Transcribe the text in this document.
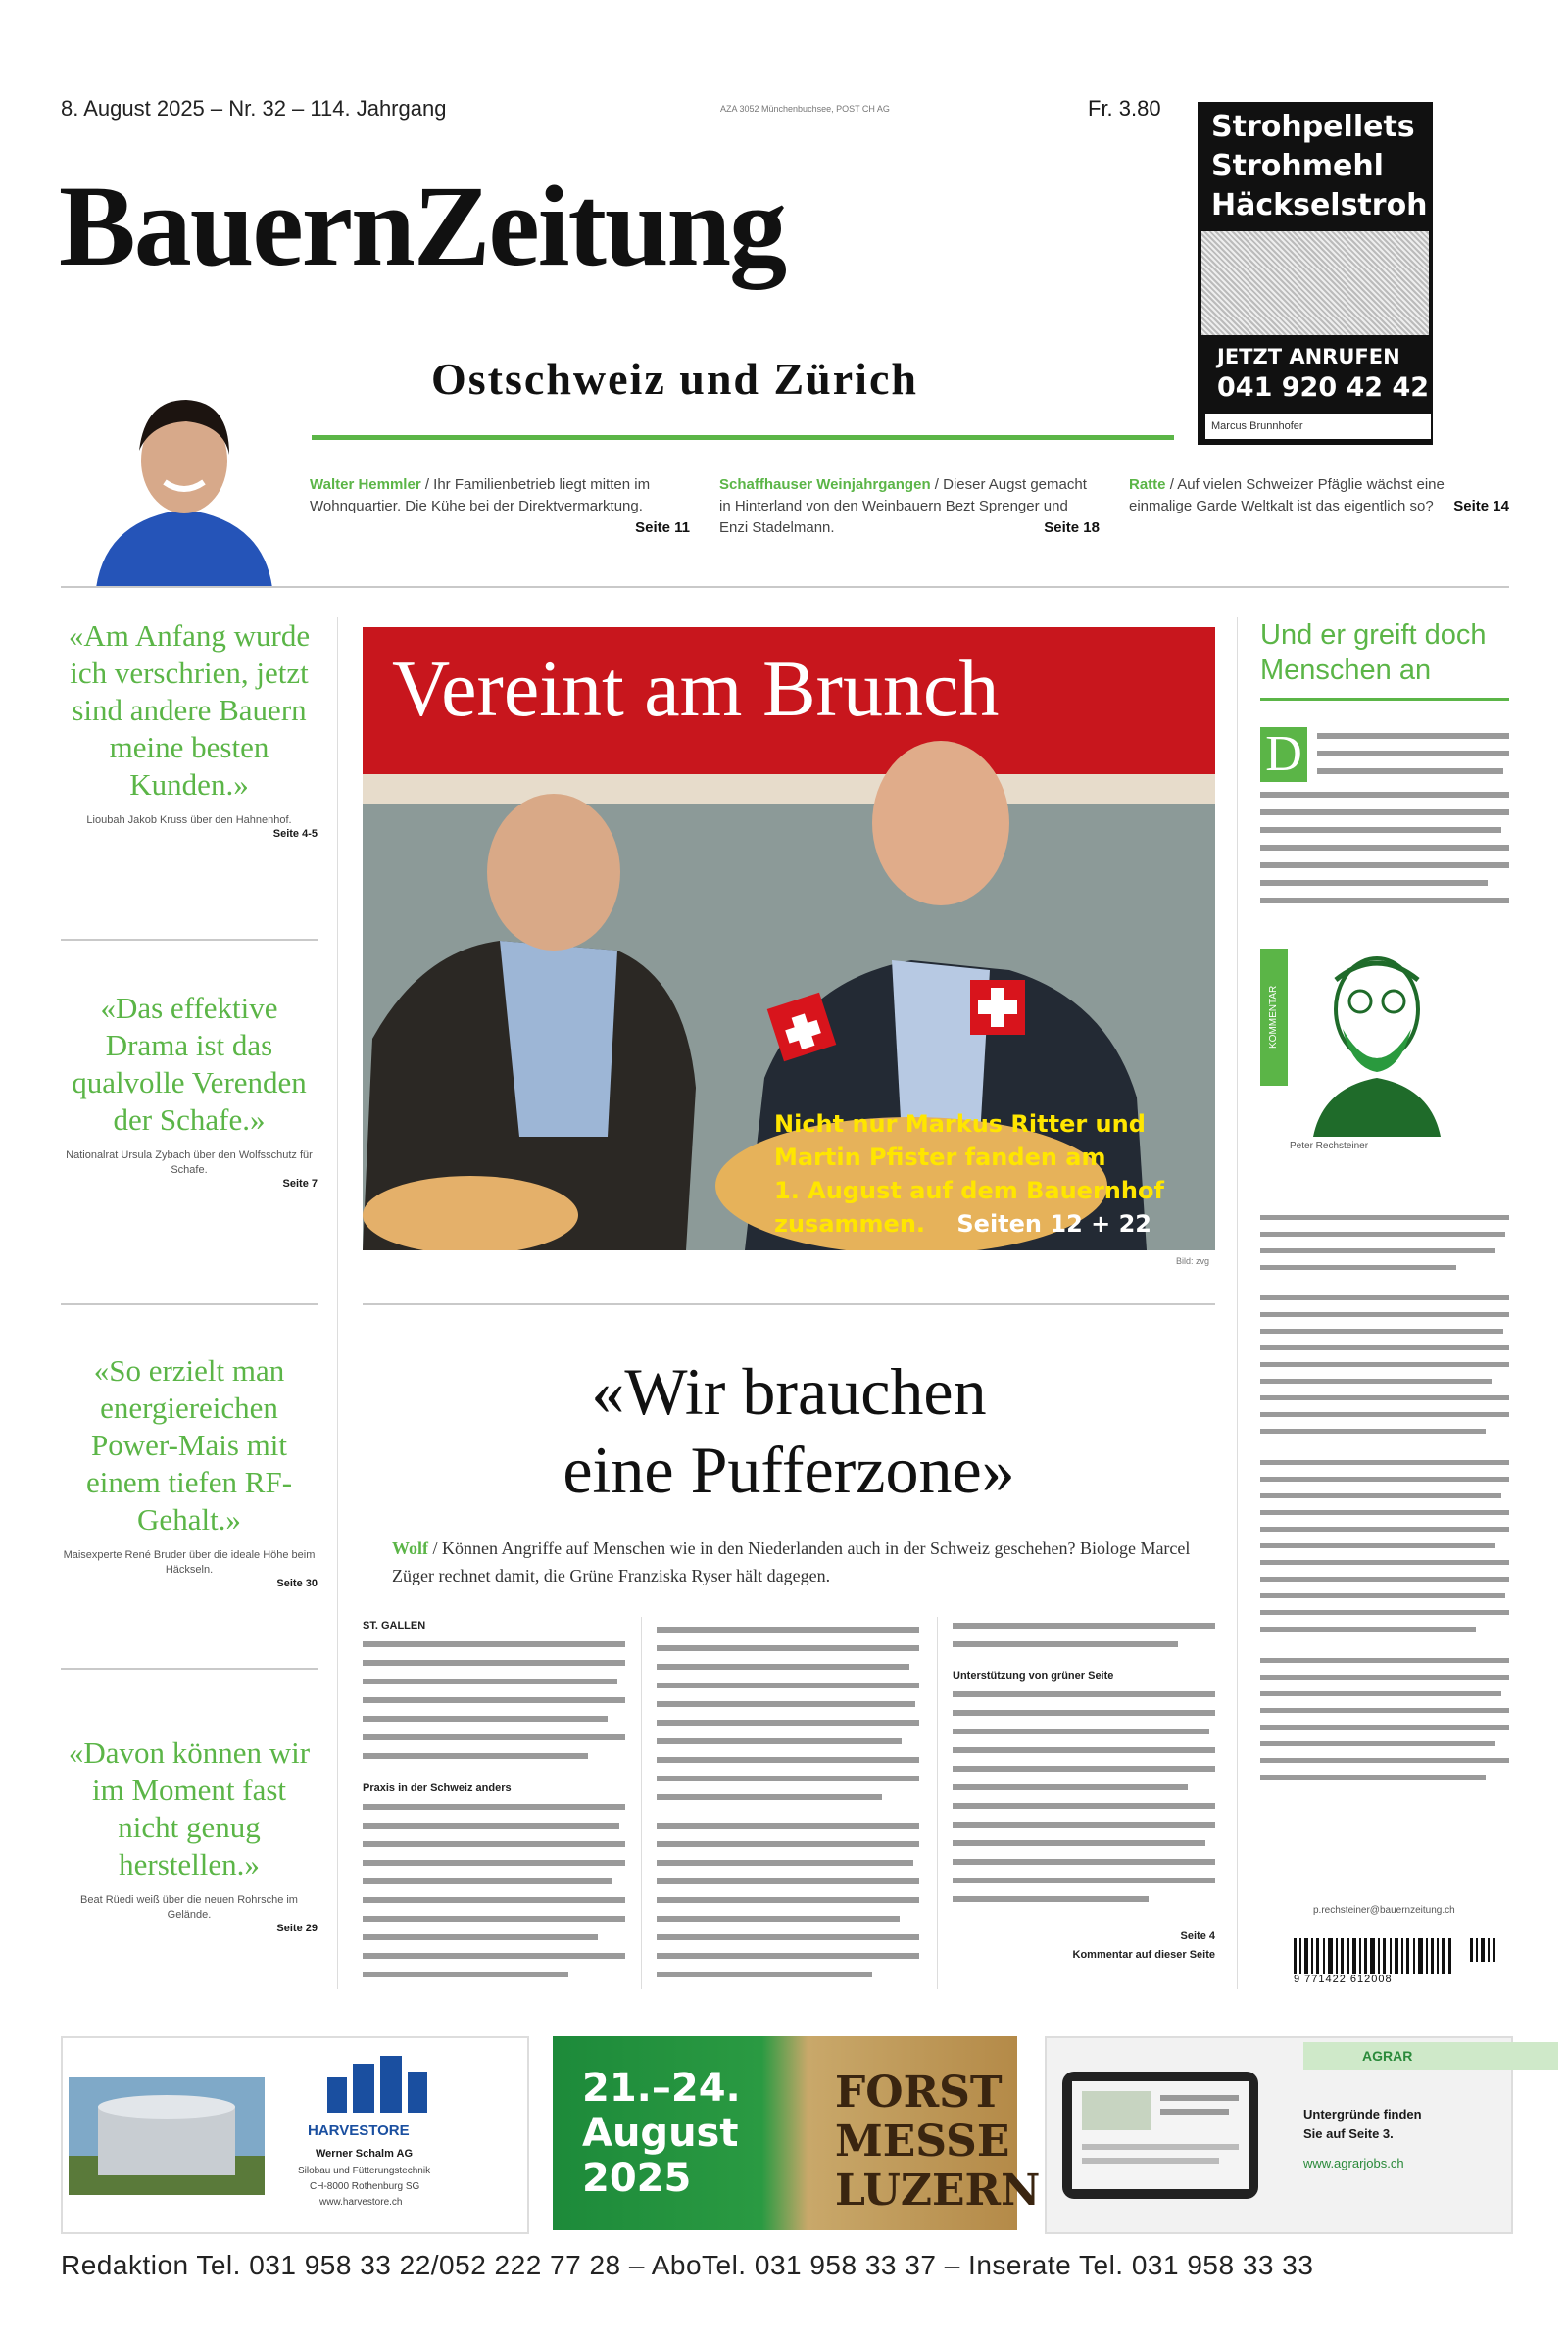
8. August 2025 – Nr. 32 – 114. Jahrgang	AZA 3052 Münchenbuchsee, POST CH AG	Fr. 3.80
BauernZeitung
Ostschweiz und Zürich
Strohpellets
Strohmehl
Häckselstroh
JETZT ANRUFEN
041 920 42 42
Marcus Brunnhofer
Walter Hemmler / Ihr Familienbetrieb liegt mitten im Wohnquartier. Die Kühe bei der Direktvermarktung.
Seite 11
Schaffhauser Weinjahrgangen / Dieser Augst gemacht in Hinterland von den Weinbauern Bezt Sprenger und Enzi Stadelmann.	Seite 18
Ratte / Auf vielen Schweizer Pfäglie wächst eine einmalige Garde Weltkalt ist das eigentlich so? Seite 14
«Am Anfang wurde ich verschrien, jetzt sind andere Bauern meine besten Kunden.»
Lioubah Jakob Kruss über den Hahnenhof.
Seite 4-5
«Das effektive Drama ist das qualvolle Verenden der Schafe.»
Nationalrat Ursula Zybach über den Wolfsschutz für Schafe.
Seite 7
«So erzielt man energiereichen Power-Mais mit einem tiefen RF-Gehalt.»
Maisexperte René Bruder über die ideale Höhe beim Häckseln.
Seite 30
«Davon können wir im Moment fast nicht genug herstellen.»
Beat Rüedi weiß über die neuen Rohrsche im Gelände.
Seite 29
Vereint am Brunch
Nicht nur Markus Ritter und
Martin Pfister fanden am
1. August auf dem Bauernhof
zusammen. Seiten 12 + 22
Bild: zvg
«Wir brauchen
eine Pufferzone»
Wolf / Können Angriffe auf Menschen wie in den Niederlanden auch in der Schweiz geschehen? Biologe Marcel Züger rechnet damit, die Grüne Franziska Ryser hält dagegen.
ST. GALLEN  Praxis in der Schweiz anders
Unterstützung von grüner Seite
Seite 4
Kommentar auf dieser Seite
Und er greift doch Menschen an
D
KOMMENTAR
Peter Rechsteiner
p.rechsteiner@bauernzeitung.ch
9 771422 612008
HARVESTORE
Werner Schalm AG
Silobau und Fütterungstechnik
CH-8000 Rothenburg SG
www.harvestore.ch
21.–24.
August
2025
FORST
MESSE
LUZERN
AGRAR
Untergründe finden
Sie auf Seite 3.
www.agrarjobs.ch
Redaktion Tel. 031 958 33 22/052 222 77 28 – AboTel. 031 958 33 37 – Inserate Tel. 031 958 33 33
